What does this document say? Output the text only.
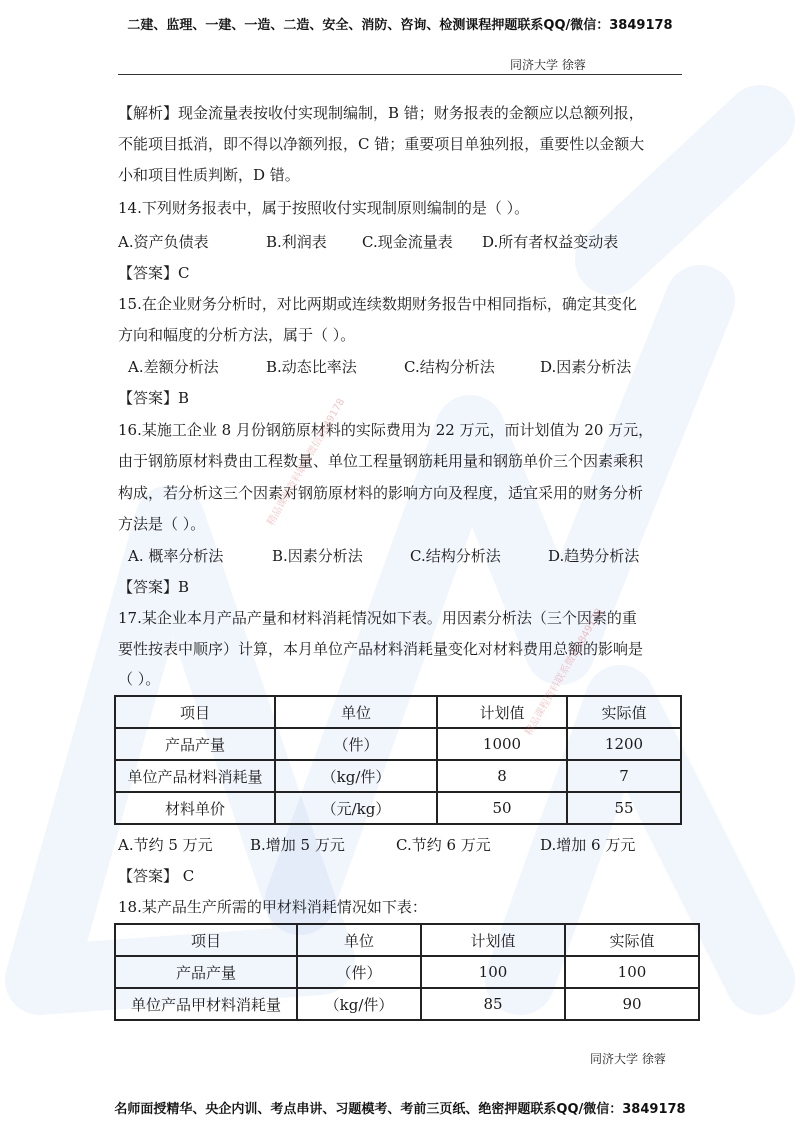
二建、监理、一建、一造、二造、安全、消防、咨询、检测课程押题联系QQ/微信：3849178
同济大学 徐蓉
【解析】现金流量表按收付实现制编制，B 错；财务报表的金额应以总额列报，
不能项目抵消，即不得以净额列报，C 错；重要项目单独列报，重要性以金额大
小和项目性质判断，D 错。
14.下列财务报表中，属于按照收付实现制原则编制的是（ ）。
A.资产负债表	B.利润表 C.现金流量表 D.所有者权益变动表
【答案】C
15.在企业财务分析时，对比两期或连续数期财务报告中相同指标，确定其变化
方向和幅度的分析方法，属于（ ）。
A.差额分析法	B.动态比率法	C.结构分析法	D.因素分析法
【答案】B
16.某施工企业 8 月份钢筋原材料的实际费用为 22 万元，而计划值为 20 万元，
由于钢筋原材料费由工程数量、单位工程量钢筋耗用量和钢筋单价三个因素乘积
构成，若分析这三个因素对钢筋原材料的影响方向及程度，适宜采用的财务分析
方法是（ ）。
A. 概率分析法	B.因素分析法	C.结构分析法	D.趋势分析法
【答案】B
17.某企业本月产品产量和材料消耗情况如下表。用因素分析法（三个因素的重
要性按表中顺序）计算，本月单位产品材料消耗量变化对材料费用总额的影响是
（ ）。
项目	单位	计划值	实际值
产品产量	（件）	1000	1200
单位产品材料消耗量	（kg/件）	8	7
材料单价	（元/kg）	50	55
A.节约 5 万元 B.增加 5 万元	C.节约 6 万元	D.增加 6 万元
【答案】 C
18.某产品生产所需的甲材料消耗情况如下表：
项目	单位	计划值	实际值
产品产量	（件）	100	100
单位产品甲材料消耗量	（kg/件）	85	90
精品课程资料联系微信3849178
精品课程资料联系微信3849178
同济大学 徐蓉
名师面授精华、央企内训、考点串讲、习题模考、考前三页纸、绝密押题联系QQ/微信：3849178
